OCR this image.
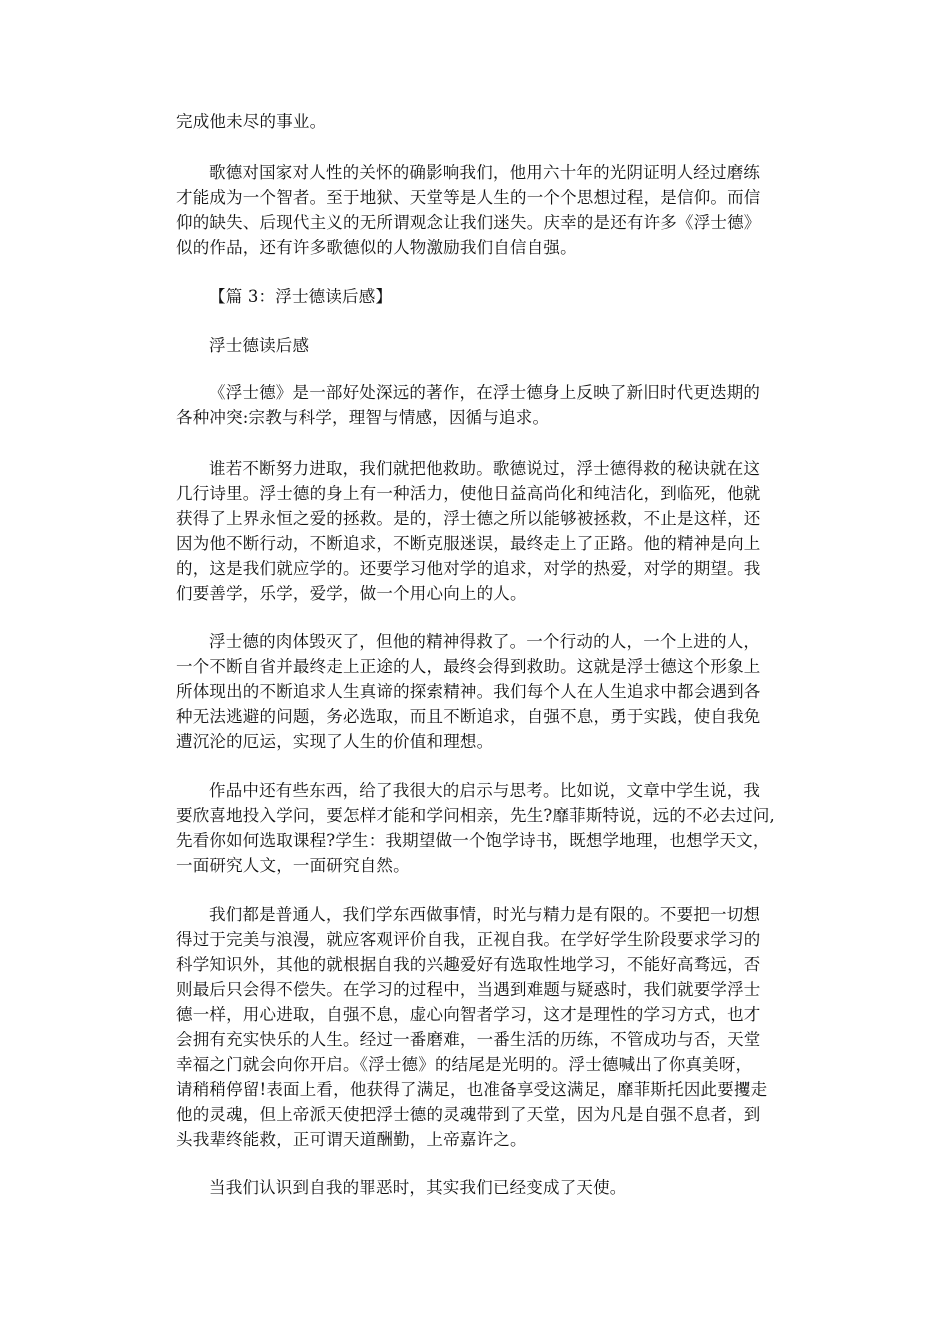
完成他未尽的事业。
歌德对国家对人性的关怀的确影响我们，他用六十年的光阴证明人经过磨练
才能成为一个智者。至于地狱、天堂等是人生的一个个思想过程，是信仰。而信
仰的缺失、后现代主义的无所谓观念让我们迷失。庆幸的是还有许多《浮士德》
似的作品，还有许多歌德似的人物激励我们自信自强。
【篇 3：浮士德读后感】
浮士德读后感
《浮士德》是一部好处深远的著作，在浮士德身上反映了新旧时代更迭期的
各种冲突:宗教与科学，理智与情感，因循与追求。
谁若不断努力进取，我们就把他救助。歌德说过，浮士德得救的秘诀就在这
几行诗里。浮士德的身上有一种活力，使他日益高尚化和纯洁化，到临死，他就
获得了上界永恒之爱的拯救。是的，浮士德之所以能够被拯救，不止是这样，还
因为他不断行动，不断追求，不断克服迷误，最终走上了正路。他的精神是向上
的，这是我们就应学的。还要学习他对学的追求，对学的热爱，对学的期望。我
们要善学，乐学，爱学，做一个用心向上的人。
浮士德的肉体毁灭了，但他的精神得救了。一个行动的人，一个上进的人，
一个不断自省并最终走上正途的人，最终会得到救助。这就是浮士德这个形象上
所体现出的不断追求人生真谛的探索精神。我们每个人在人生追求中都会遇到各
种无法逃避的问题，务必选取，而且不断追求，自强不息，勇于实践，使自我免
遭沉沦的厄运，实现了人生的价值和理想。
作品中还有些东西，给了我很大的启示与思考。比如说，文章中学生说，我
要欣喜地投入学问，要怎样才能和学问相亲，先生?靡菲斯特说，远的不必去过问,
先看你如何选取课程?学生：我期望做一个饱学诗书，既想学地理，也想学天文，
一面研究人文，一面研究自然。
我们都是普通人，我们学东西做事情，时光与精力是有限的。不要把一切想
得过于完美与浪漫，就应客观评价自我，正视自我。在学好学生阶段要求学习的
科学知识外，其他的就根据自我的兴趣爱好有选取性地学习，不能好高骛远，否
则最后只会得不偿失。在学习的过程中，当遇到难题与疑惑时，我们就要学浮士
德一样，用心进取，自强不息，虚心向智者学习，这才是理性的学习方式，也才
会拥有充实快乐的人生。经过一番磨难，一番生活的历练，不管成功与否，天堂
幸福之门就会向你开启。《浮士德》的结尾是光明的。浮士德喊出了你真美呀，
请稍稍停留!表面上看，他获得了满足，也准备享受这满足，靡菲斯托因此要攫走
他的灵魂，但上帝派天使把浮士德的灵魂带到了天堂，因为凡是自强不息者，到
头我辈终能救，正可谓天道酬勤，上帝嘉许之。
当我们认识到自我的罪恶时，其实我们已经变成了天使。
